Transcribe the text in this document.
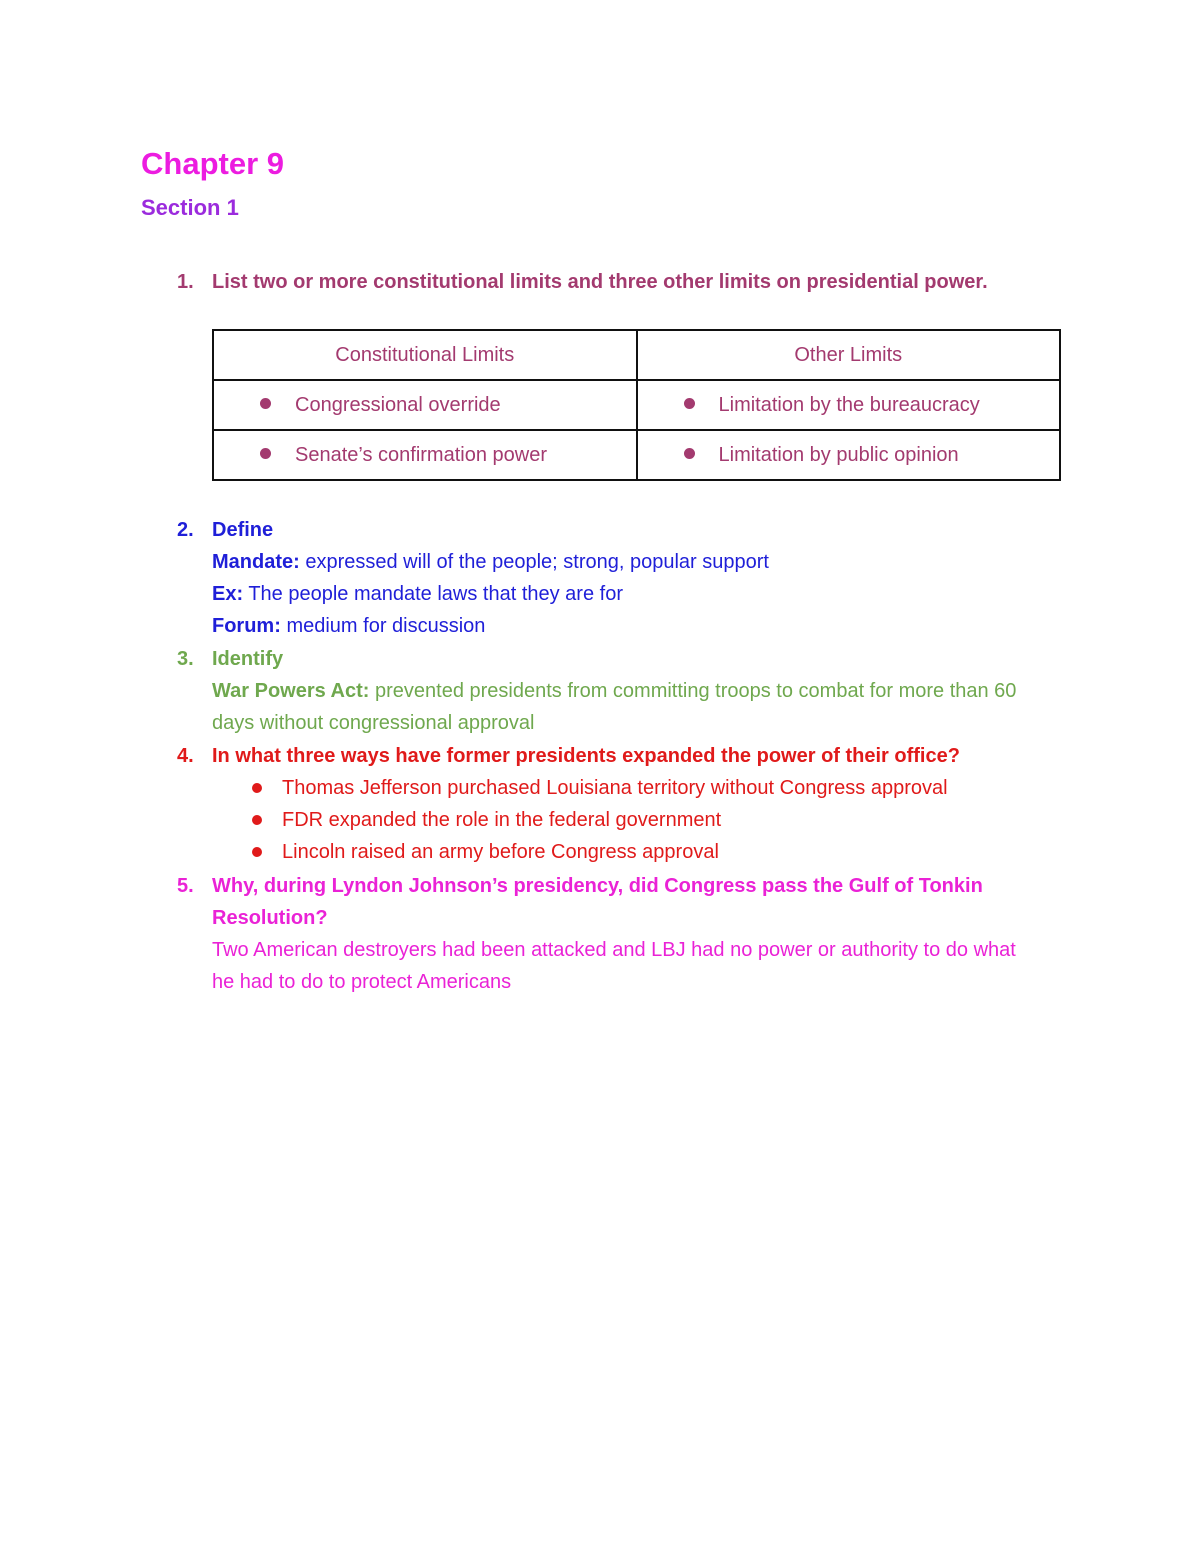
Chapter 9
Section 1
1. List two or more constitutional limits and three other limits on presidential power.
Constitutional Limits	Other Limits
Congressional override	Limitation by the bureaucracy
Senate’s confirmation power	Limitation by public opinion
2. Define
Mandate: expressed will of the people; strong, popular support
Ex: The people mandate laws that they are for
Forum: medium for discussion
3. Identify
War Powers Act: prevented presidents from committing troops to combat for more than 60 days without congressional approval
4. In what three ways have former presidents expanded the power of their office?
Thomas Jefferson purchased Louisiana territory without Congress approval
FDR expanded the role in the federal government
Lincoln raised an army before Congress approval
5. Why, during Lyndon Johnson’s presidency, did Congress pass the Gulf of Tonkin Resolution?
Two American destroyers had been attacked and LBJ had no power or authority to do what he had to do to protect Americans
